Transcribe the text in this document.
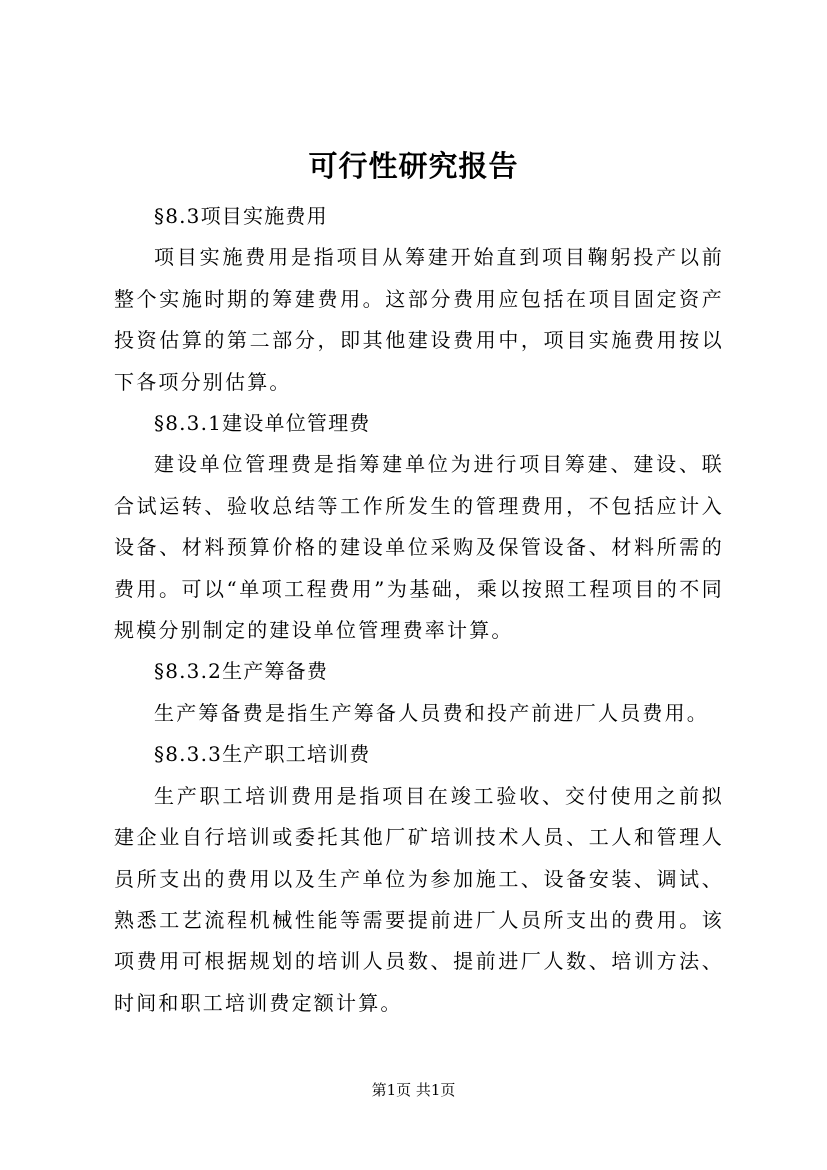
可行性研究报告

§8.3项目实施费用

项目实施费用是指项目从筹建开始直到项目鞠躬投产以前整个实施时期的筹建费用。这部分费用应包括在项目固定资产投资估算的第二部分，即其他建设费用中，项目实施费用按以下各项分别估算。

§8.3.1建设单位管理费

建设单位管理费是指筹建单位为进行项目筹建、建设、联合试运转、验收总结等工作所发生的管理费用，不包括应计入设备、材料预算价格的建设单位采购及保管设备、材料所需的费用。可以“单项工程费用”为基础，乘以按照工程项目的不同规模分别制定的建设单位管理费率计算。

§8.3.2生产筹备费

生产筹备费是指生产筹备人员费和投产前进厂人员费用。

§8.3.3生产职工培训费

生产职工培训费用是指项目在竣工验收、交付使用之前拟建企业自行培训或委托其他厂矿培训技术人员、工人和管理人员所支出的费用以及生产单位为参加施工、设备安装、调试、熟悉工艺流程机械性能等需要提前进厂人员所支出的费用。该项费用可根据规划的培训人员数、提前进厂人数、培训方法、时间和职工培训费定额计算。

第1页 共1页
